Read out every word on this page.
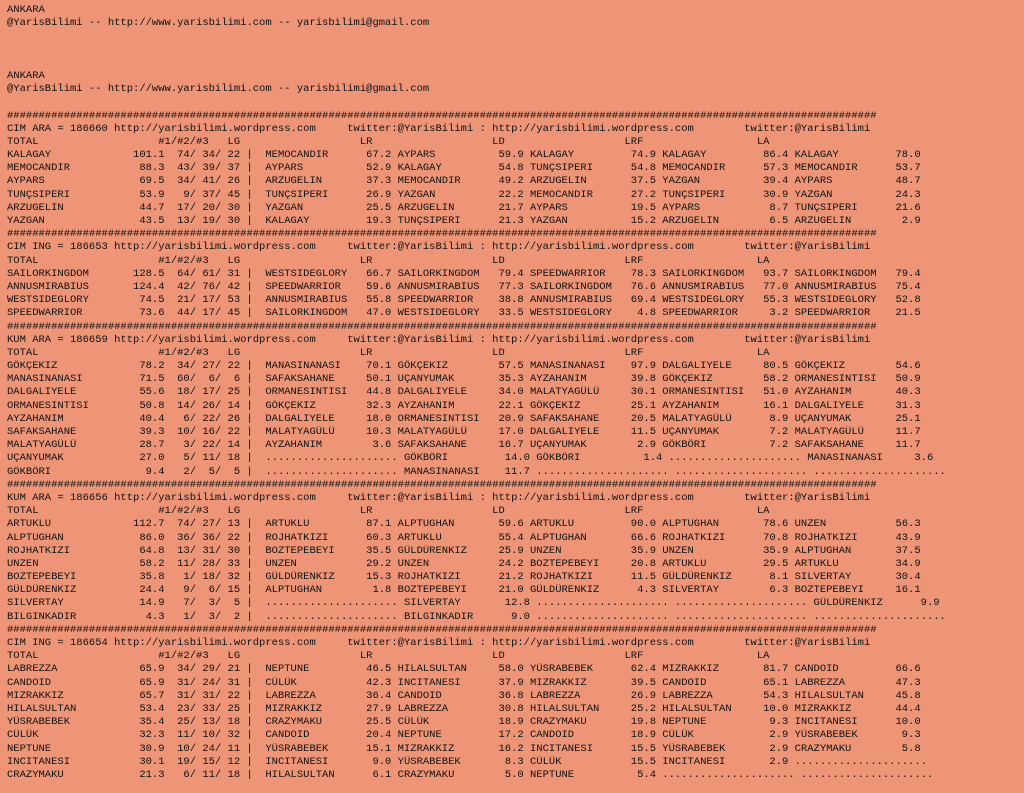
ANKARA
@YarisBilimi -- http://www.yarisbilimi.com -- yarisbilimi@gmail.com
ANKARA
@YarisBilimi -- http://www.yarisbilimi.com -- yarisbilimi@gmail.com
##########################################################################################################################################
CIM ARA = 186660 http://yarisbilimi.wordpress.com     twitter:@YarisBilimi : http://yarisbilimi.wordpress.com        twitter:@YarisBilimi
TOTAL                   #1/#2/#3   LG                   LR                   LD                   LRF                  LA
KALAGAY             101.1  74/ 34/ 22 |  MEMOCANDIR      67.2 AYPARS          59.9 KALAGAY         74.9 KALAGAY         86.4 KALAGAY         78.0
MEMOCANDIR           88.3  43/ 39/ 37 |  AYPARS          52.9 KALAGAY         54.8 TUNÇSIPERI      54.8 MEMOCANDIR      57.3 MEMOCANDIR      53.7
AYPARS               69.5  34/ 41/ 26 |  ARZUGELIN       37.3 MEMOCANDIR      49.2 ARZUGELIN       37.5 YAZGAN          39.4 AYPARS          48.7
TUNÇSIPERI           53.9   9/ 37/ 45 |  TUNÇSIPERI      26.9 YAZGAN          22.2 MEMOCANDIR      27.2 TUNÇSIPERI      30.9 YAZGAN          24.3
ARZUGELIN            44.7  17/ 20/ 30 |  YAZGAN          25.5 ARZUGELIN       21.7 AYPARS          19.5 AYPARS           8.7 TUNÇSIPERI      21.6
YAZGAN               43.5  13/ 19/ 30 |  KALAGAY         19.3 TUNÇSIPERI      21.3 YAZGAN          15.2 ARZUGELIN        6.5 ARZUGELIN        2.9
##########################################################################################################################################
CIM ING = 186653 http://yarisbilimi.wordpress.com     twitter:@YarisBilimi : http://yarisbilimi.wordpress.com        twitter:@YarisBilimi
TOTAL                   #1/#2/#3   LG                   LR                   LD                   LRF                  LA
SAILORKINGDOM       128.5  64/ 61/ 31 |  WESTSIDEGLORY   66.7 SAILORKINGDOM   79.4 SPEEDWARRIOR    78.3 SAILORKINGDOM   93.7 SAILORKINGDOM   79.4
ANNUSMIRABIUS       124.4  42/ 76/ 42 |  SPEEDWARRIOR    59.6 ANNUSMIRABIUS   77.3 SAILORKINGDOM   76.6 ANNUSMIRABIUS   77.0 ANNUSMIRABIUS   75.4
WESTSIDEGLORY        74.5  21/ 17/ 53 |  ANNUSMIRABIUS   55.8 SPEEDWARRIOR    38.8 ANNUSMIRABIUS   69.4 WESTSIDEGLORY   55.3 WESTSIDEGLORY   52.8
SPEEDWARRIOR         73.6  44/ 17/ 45 |  SAILORKINGDOM   47.0 WESTSIDEGLORY   33.5 WESTSIDEGLORY    4.8 SPEEDWARRIOR     3.2 SPEEDWARRIOR    21.5
##########################################################################################################################################
KUM ARA = 186659 http://yarisbilimi.wordpress.com     twitter:@YarisBilimi : http://yarisbilimi.wordpress.com        twitter:@YarisBilimi
TOTAL                   #1/#2/#3   LG                   LR                   LD                   LRF                  LA
GÖKÇEKIZ             78.2  34/ 27/ 22 |  MANASINANASI    70.1 GÖKÇEKIZ        57.5 MANASINANASI    97.9 DALGALIYELE     80.5 GÖKÇEKIZ        54.6
MANASINANASI         71.5  60/  6/  6 |  SAFAKSAHANE     50.1 UÇANYUMAK       35.3 AYZAHANIM       39.8 GÖKÇEKIZ        58.2 ORMANESINTISI   50.9
DALGALIYELE          55.6  18/ 17/ 25 |  ORMANESINTISI   44.8 DALGALIYELE     34.0 MALATYAGÜLÜ     30.1 ORMANESINTISI   51.0 AYZAHANIM       40.3
ORMANESINTISI        50.8  14/ 26/ 14 |  GÖKÇEKIZ        32.3 AYZAHANIM       22.1 GÖKÇEKIZ        25.1 AYZAHANIM       16.1 DALGALIYELE     31.3
AYZAHANIM            40.4   6/ 22/ 26 |  DALGALIYELE     18.0 ORMANESINTISI   20.9 SAFAKSAHANE     20.5 MALATYAGÜLÜ      8.9 UÇANYUMAK       25.1
SAFAKSAHANE          39.3  10/ 16/ 22 |  MALATYAGÜLÜ     10.3 MALATYAGÜLÜ     17.0 DALGALIYELE     11.5 UÇANYUMAK        7.2 MALATYAGÜLÜ     11.7
MALATYAGÜLÜ          28.7   3/ 22/ 14 |  AYZAHANIM        3.6 SAFAKSAHANE     16.7 UÇANYUMAK        2.9 GÖKBÖRI          7.2 SAFAKSAHANE     11.7
UÇANYUMAK            27.0   5/ 11/ 18 |  ..................... GÖKBÖRI         14.0 GÖKBÖRI          1.4 ..................... MANASINANASI     3.6
GÖKBÖRI               9.4   2/  5/  5 |  ..................... MANASINANASI    11.7 ..................... ..................... .....................
##########################################################################################################################################
KUM ARA = 186656 http://yarisbilimi.wordpress.com     twitter:@YarisBilimi : http://yarisbilimi.wordpress.com        twitter:@YarisBilimi
TOTAL                   #1/#2/#3   LG                   LR                   LD                   LRF                  LA
ARTUKLU             112.7  74/ 27/ 13 |  ARTUKLU         87.1 ALPTUGHAN       59.6 ARTUKLU         90.0 ALPTUGHAN       78.6 UNZEN           56.3
ALPTUGHAN            86.0  36/ 36/ 22 |  ROJHATKIZI      60.3 ARTUKLU         55.4 ALPTUGHAN       66.6 ROJHATKIZI      70.8 ROJHATKIZI      43.9
ROJHATKIZI           64.8  13/ 31/ 30 |  BOZTEPEBEYI     35.5 GÜLDÜRENKIZ     25.9 UNZEN           35.9 UNZEN           35.9 ALPTUGHAN       37.5
UNZEN                58.2  11/ 28/ 33 |  UNZEN           29.2 UNZEN           24.2 BOZTEPEBEYI     20.8 ARTUKLU         29.5 ARTUKLU         34.9
BOZTEPEBEYI          35.8   1/ 18/ 32 |  GÜLDÜRENKIZ     15.3 ROJHATKIZI      21.2 ROJHATKIZI      11.5 GÜLDÜRENKIZ      8.1 SILVERTAY       30.4
GÜLDÜRENKIZ          24.4   9/  6/ 15 |  ALPTUGHAN        1.8 BOZTEPEBEYI     21.0 GÜLDÜRENKIZ      4.3 SILVERTAY        6.3 BOZTEPEBEYI     16.1
SILVERTAY            14.9   7/  3/  5 |  ..................... SILVERTAY       12.8 ..................... ..................... GÜLDÜRENKIZ      9.9
BILGINKADIR           4.3   1/  3/  2 |  ..................... BILGINKADIR      9.0 ..................... ..................... .....................
##########################################################################################################################################
CIM ING = 186654 http://yarisbilimi.wordpress.com     twitter:@YarisBilimi : http://yarisbilimi.wordpress.com        twitter:@YarisBilimi
TOTAL                   #1/#2/#3   LG                   LR                   LD                   LRF                  LA
LABREZZA             65.9  34/ 29/ 21 |  NEPTUNE         46.5 HILALSULTAN     58.0 YÜSRABEBEK      62.4 MIZRAKKIZ       81.7 CANDOID         66.6
CANDOID              65.9  31/ 24/ 31 |  CÜLÜK           42.3 INCITANESI      37.9 MIZRAKKIZ       39.5 CANDOID         65.1 LABREZZA        47.3
MIZRAKKIZ            65.7  31/ 31/ 22 |  LABREZZA        36.4 CANDOID         36.8 LABREZZA        26.9 LABREZZA        54.3 HILALSULTAN     45.8
HILALSULTAN          53.4  23/ 33/ 25 |  MIZRAKKIZ       27.9 LABREZZA        30.8 HILALSULTAN     25.2 HILALSULTAN     10.0 MIZRAKKIZ       44.4
YÜSRABEBEK           35.4  25/ 13/ 18 |  CRAZYMAKU       25.5 CÜLÜK           18.9 CRAZYMAKU       19.8 NEPTUNE          9.3 INCITANESI      10.0
CÜLÜK                32.3  11/ 10/ 32 |  CANDOID         20.4 NEPTUNE         17.2 CANDOID         18.9 CÜLÜK            2.9 YÜSRABEBEK       9.3
NEPTUNE              30.9  10/ 24/ 11 |  YÜSRABEBEK      15.1 MIZRAKKIZ       16.2 INCITANESI      15.5 YÜSRABEBEK       2.9 CRAZYMAKU        5.8
INCITANESI           30.1  19/ 15/ 12 |  INCITANESI       9.0 YÜSRABEBEK       8.3 CÜLÜK           15.5 INCITANESI       2.9 .....................
CRAZYMAKU            21.3   6/ 11/ 18 |  HILALSULTAN      6.1 CRAZYMAKU        5.0 NEPTUNE          5.4 ..................... .....................
